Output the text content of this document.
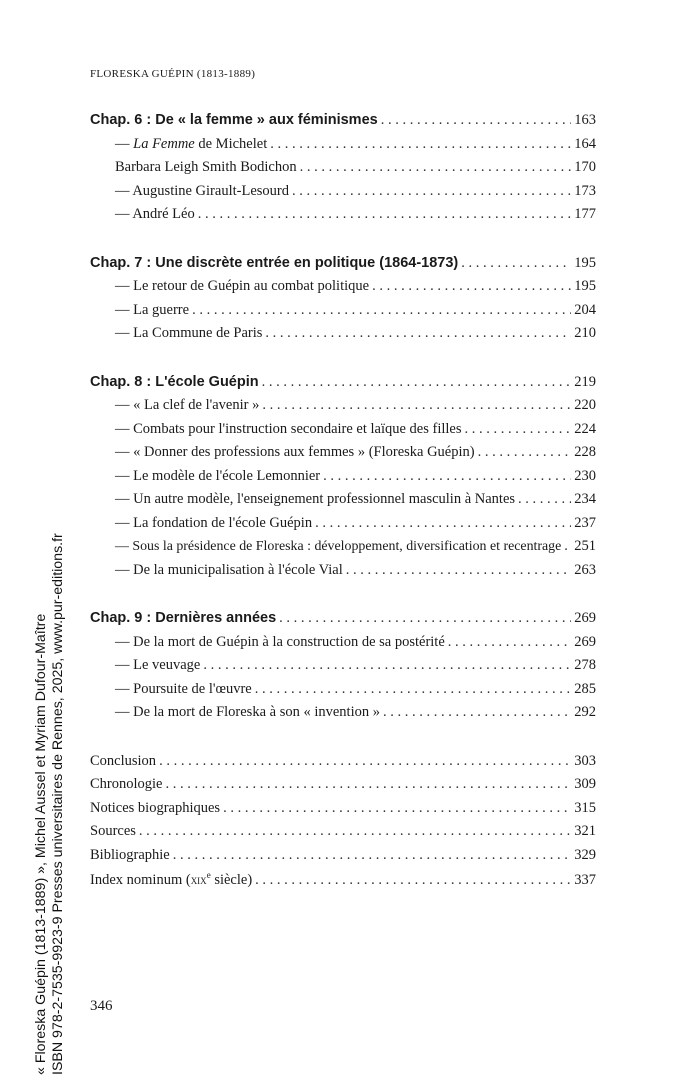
FLORESKA GUÉPIN (1813-1889)
Chap. 6 : De « la femme » aux féminismes . . .	163
— La Femme de Michelet . . .	164
Barbara Leigh Smith Bodichon . . .	170
— Augustine Girault-Lesourd . . .	173
— André Léo . . .	177
Chap. 7 : Une discrète entrée en politique (1864-1873) . . .	195
— Le retour de Guépin au combat politique . . .	195
— La guerre . . .	204
— La Commune de Paris . . .	210
Chap. 8 : L'école Guépin . . .	219
— « La clef de l'avenir » . . .	220
— Combats pour l'instruction secondaire et laïque des filles . . .	224
— « Donner des professions aux femmes » (Floreska Guépin) . . .	228
— Le modèle de l'école Lemonnier . . .	230
— Un autre modèle, l'enseignement professionnel masculin à Nantes . . .	234
— La fondation de l'école Guépin . . .	237
— Sous la présidence de Floreska : développement, diversification et recentrage . . . 251
— De la municipalisation à l'école Vial . . .	263
Chap. 9 : Dernières années . . .	269
— De la mort de Guépin à la construction de sa postérité . . .	269
— Le veuvage . . .	278
— Poursuite de l'œuvre . . .	285
— De la mort de Floreska à son « invention » . . .	292
Conclusion . . .	303
Chronologie . . .	309
Notices biographiques . . .	315
Sources . . .	321
Bibliographie . . .	329
Index nominum (xix$^e$ siècle) . . .	337
« Floreska Guépin (1813-1889) », Michel Aussel et Myriam Dufour-Maître ISBN 978-2-7535-9923-9 Presses universitaires de Rennes, 2025, www.pur-editions.fr 346
